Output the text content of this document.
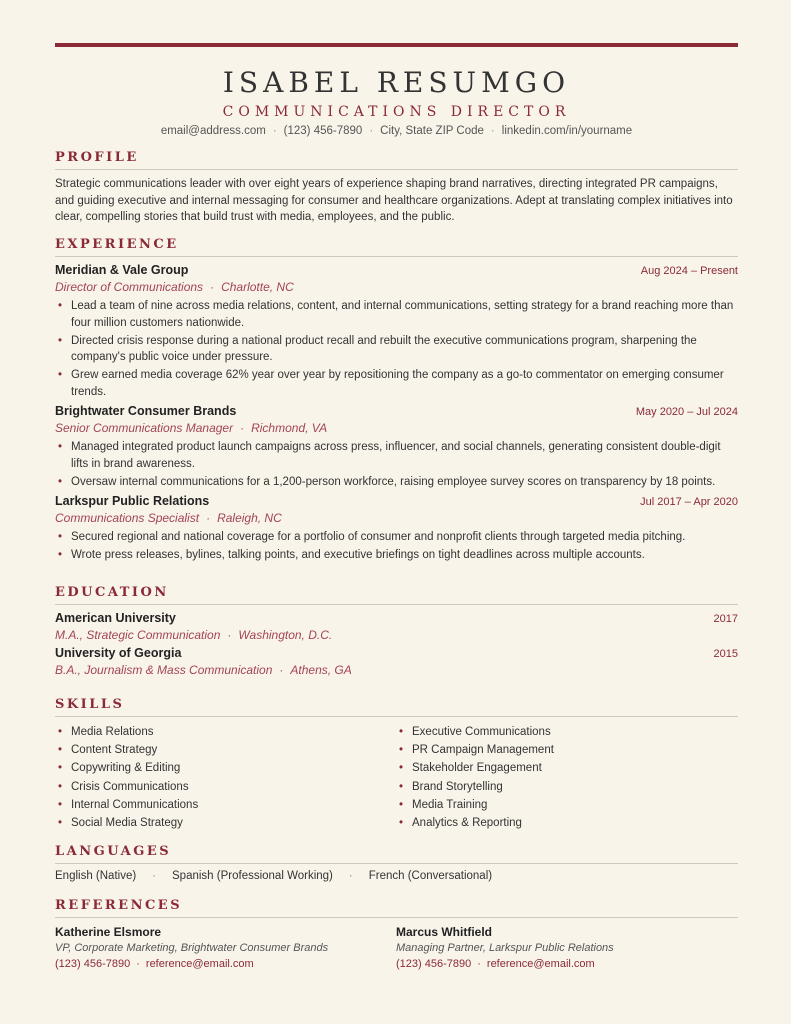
ISABEL RESUMGO
COMMUNICATIONS DIRECTOR
email@address.com · (123) 456-7890 · City, State ZIP Code · linkedin.com/in/yourname
PROFILE

Strategic communications leader with over eight years of experience shaping brand narratives, directing integrated PR campaigns, and guiding executive and internal messaging for consumer and healthcare organizations. Adept at translating complex initiatives into clear, compelling stories that build trust with media, employees, and the public.

EXPERIENCE
Meridian & Vale Group	Aug 2024 – Present
Director of Communications · Charlotte, NC
• Lead a team of nine across media relations, content, and internal communications, setting strategy for a brand reaching more than four million customers nationwide.
• Directed crisis response during a national product recall and rebuilt the executive communications program, sharpening the company's public voice under pressure.
• Grew earned media coverage 62% year over year by repositioning the company as a go-to commentator on emerging consumer trends.
Brightwater Consumer Brands	May 2020 – Jul 2024
Senior Communications Manager · Richmond, VA
• Managed integrated product launch campaigns across press, influencer, and social channels, generating consistent double-digit lifts in brand awareness.
• Oversaw internal communications for a 1,200-person workforce, raising employee survey scores on transparency by 18 points.
Larkspur Public Relations	Jul 2017 – Apr 2020
Communications Specialist · Raleigh, NC
• Secured regional and national coverage for a portfolio of consumer and nonprofit clients through targeted media pitching.
• Wrote press releases, bylines, talking points, and executive briefings on tight deadlines across multiple accounts.
EDUCATION
American University	2017
M.A., Strategic Communication · Washington, D.C.
University of Georgia	2015
B.A., Journalism & Mass Communication · Athens, GA
SKILLS
• Media Relations
• Content Strategy
• Copywriting & Editing
• Crisis Communications
• Internal Communications
• Social Media Strategy
• Executive Communications
• PR Campaign Management
• Stakeholder Engagement
• Brand Storytelling
• Media Training
• Analytics & Reporting
LANGUAGES
English (Native) · Spanish (Professional Working) · French (Conversational)
REFERENCES
Katherine Elsmore
VP, Corporate Marketing, Brightwater Consumer Brands
(123) 456-7890 · reference@email.com
Marcus Whitfield
Managing Partner, Larkspur Public Relations
(123) 456-7890 · reference@email.com
